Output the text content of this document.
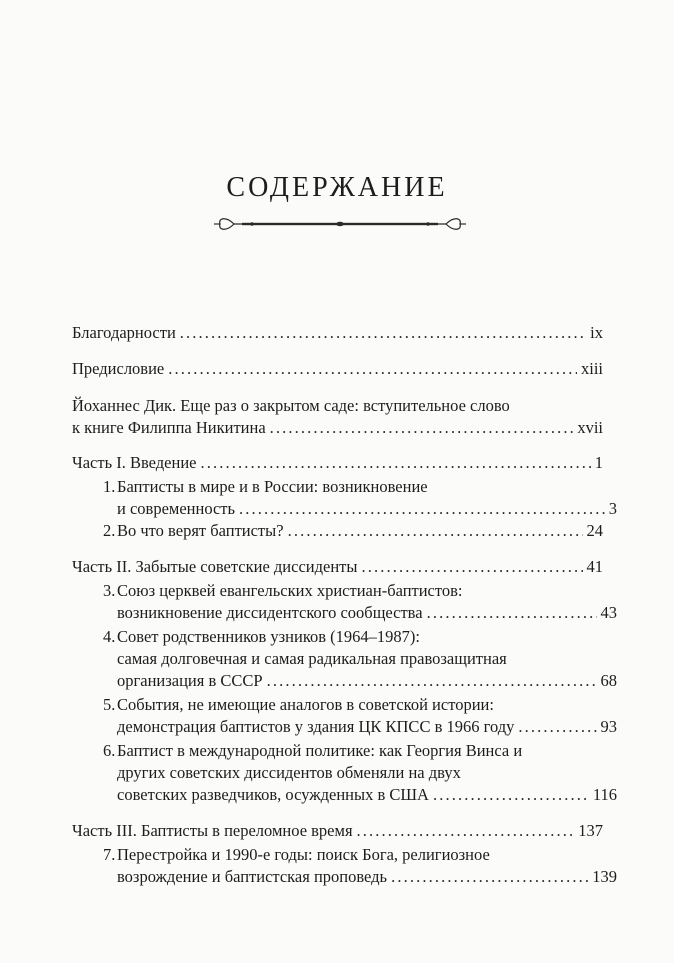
СОДЕРЖАНИЕ
Благодарности . . .	ix
Предисловие . . .	xiii
Йоханнес Дик. Еще раз о закрытом саде: вступительное слово
к книге Филиппа Никитина . . .	xvii
Часть I. Введение . . .	1
1.Баптисты в мире и в России: возникновение
и современность . . .	3
2.Во что верят баптисты? . . .	24
Часть II. Забытые советские диссиденты . . .	41
3.Союз церквей евангельских христиан-баптистов:
возникновение диссидентского сообщества . . .	43
4.Совет родственников узников (1964–1987):
самая долговечная и самая радикальная правозащитная
организация в СССР . . .	68
5.События, не имеющие аналогов в советской истории:
демонстрация баптистов у здания ЦК КПСС в 1966 году . . .	93
6.Баптист в международной политике: как Георгия Винса и
других советских диссидентов обменяли на двух
советских разведчиков, осужденных в США . . .	116
Часть III. Баптисты в переломное время . . .	137
7.Перестройка и 1990-е годы: поиск Бога, религиозное
возрождение и баптистская проповедь . . .	139
